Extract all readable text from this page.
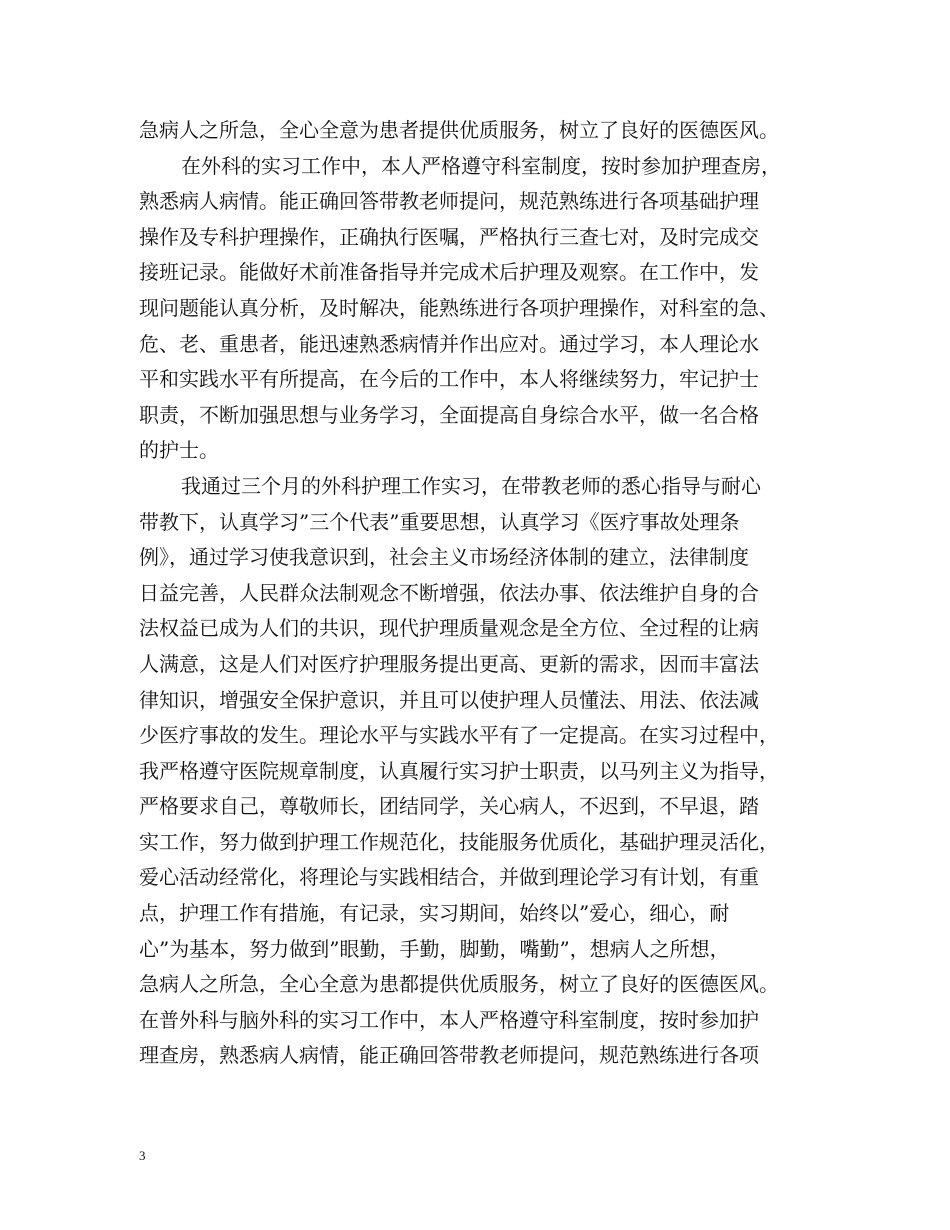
急病人之所急，全心全意为患者提供优质服务，树立了良好的医德医风。
在外科的实习工作中，本人严格遵守科室制度，按时参加护理查房，
熟悉病人病情。能正确回答带教老师提问，规范熟练进行各项基础护理
操作及专科护理操作，正确执行医嘱，严格执行三查七对，及时完成交
接班记录。能做好术前准备指导并完成术后护理及观察。在工作中，发
现问题能认真分析，及时解决，能熟练进行各项护理操作，对科室的急、
危、老、重患者，能迅速熟悉病情并作出应对。通过学习，本人理论水
平和实践水平有所提高，在今后的工作中，本人将继续努力，牢记护士
职责，不断加强思想与业务学习，全面提高自身综合水平，做一名合格
的护士。
我通过三个月的外科护理工作实习，在带教老师的悉心指导与耐心
带教下，认真学习”三个代表”重要思想，认真学习《医疗事故处理条
例》，通过学习使我意识到，社会主义市场经济体制的建立，法律制度
日益完善，人民群众法制观念不断增强，依法办事、依法维护自身的合
法权益已成为人们的共识，现代护理质量观念是全方位、全过程的让病
人满意，这是人们对医疗护理服务提出更高、更新的需求，因而丰富法
律知识，增强安全保护意识，并且可以使护理人员懂法、用法、依法减
少医疗事故的发生。理论水平与实践水平有了一定提高。在实习过程中，
我严格遵守医院规章制度，认真履行实习护士职责，以马列主义为指导，
严格要求自己，尊敬师长，团结同学，关心病人，不迟到，不早退，踏
实工作，努力做到护理工作规范化，技能服务优质化，基础护理灵活化，
爱心活动经常化，将理论与实践相结合，并做到理论学习有计划，有重
点，护理工作有措施，有记录，实习期间，始终以”爱心，细心，耐
心”为基本，努力做到”眼勤，手勤，脚勤，嘴勤”，想病人之所想，
急病人之所急，全心全意为患都提供优质服务，树立了良好的医德医风。
在普外科与脑外科的实习工作中，本人严格遵守科室制度，按时参加护
理查房，熟悉病人病情，能正确回答带教老师提问，规范熟练进行各项
3
